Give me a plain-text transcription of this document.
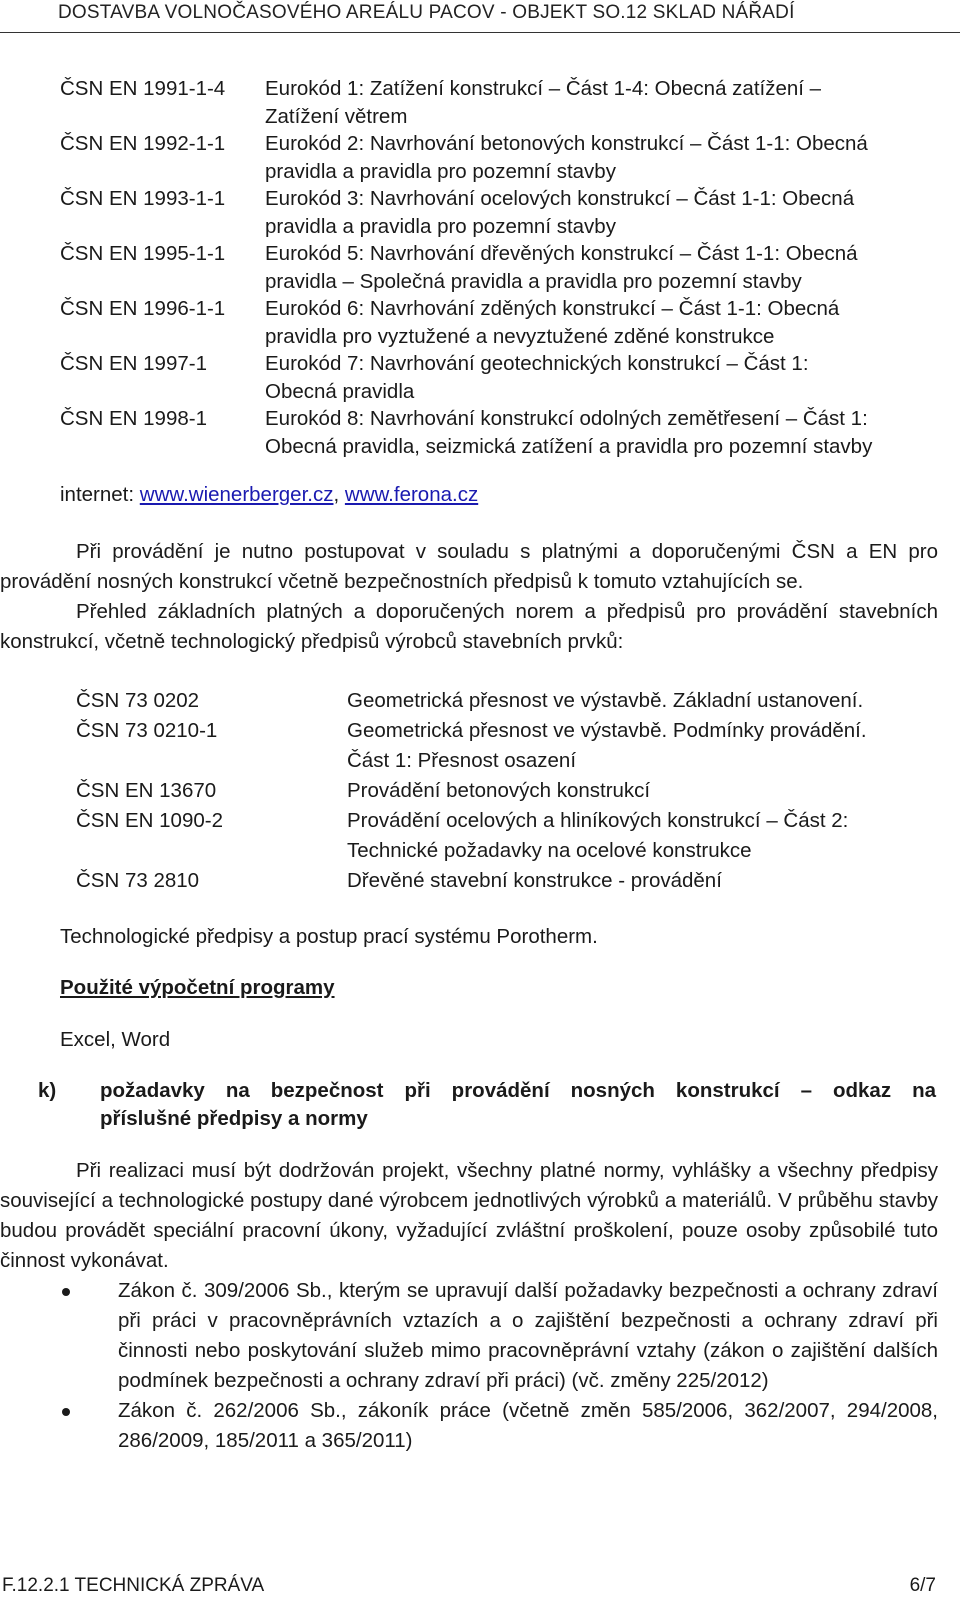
DOSTAVBA VOLNOČASOVÉHO AREÁLU PACOV - OBJEKT SO.12 SKLAD NÁŘADÍ
ČSN EN 1991-1-4	Eurokód 1: Zatížení konstrukcí – Část 1-4: Obecná zatížení –
Zatížení větrem
ČSN EN 1992-1-1	Eurokód 2: Navrhování betonových konstrukcí – Část 1-1: Obecná
pravidla a pravidla pro pozemní stavby
ČSN EN 1993-1-1	Eurokód 3: Navrhování ocelových konstrukcí – Část 1-1: Obecná
pravidla a pravidla pro pozemní stavby
ČSN EN 1995-1-1	Eurokód 5: Navrhování dřevěných konstrukcí – Část 1-1: Obecná
pravidla – Společná pravidla a pravidla pro pozemní stavby
ČSN EN 1996-1-1	Eurokód 6: Navrhování zděných konstrukcí – Část 1-1: Obecná
pravidla pro vyztužené a nevyztužené zděné konstrukce
ČSN EN 1997-1	Eurokód 7: Navrhování geotechnických konstrukcí – Část 1:
Obecná pravidla
ČSN EN 1998-1	Eurokód 8: Navrhování konstrukcí odolných zemětřesení – Část 1:
Obecná pravidla, seizmická zatížení a pravidla pro pozemní stavby
internet: www.wienerberger.cz, www.ferona.cz
Při provádění je nutno postupovat v souladu s platnými a doporučenými ČSN a EN pro provádění nosných konstrukcí včetně bezpečnostních předpisů k tomuto vztahujících se.
Přehled základních platných a doporučených norem a předpisů pro provádění stavebních konstrukcí, včetně technologický předpisů výrobců stavebních prvků:
ČSN 73 0202	Geometrická přesnost ve výstavbě. Základní ustanovení.
ČSN 73 0210-1	Geometrická přesnost ve výstavbě. Podmínky provádění.
Část 1: Přesnost osazení
ČSN EN 13670	Provádění betonových konstrukcí
ČSN EN 1090-2	Provádění ocelových a hliníkových konstrukcí – Část 2:
Technické požadavky na ocelové konstrukce
ČSN 73 2810	Dřevěné stavební konstrukce - provádění
Technologické předpisy a postup prací systému Porotherm.
Použité výpočetní programy
Excel, Word
k)	požadavky na bezpečnost při provádění nosných konstrukcí – odkaz na
příslušné předpisy a normy
Při realizaci musí být dodržován projekt, všechny platné normy, vyhlášky a všechny předpisy související a technologické postupy dané výrobcem jednotlivých výrobků a materiálů. V průběhu stavby budou provádět speciální pracovní úkony, vyžadující zvláštní proškolení, pouze osoby způsobilé tuto činnost vykonávat.
Zákon č. 309/2006 Sb., kterým se upravují další požadavky bezpečnosti a ochrany zdraví při práci v pracovněprávních vztazích a o zajištění bezpečnosti a ochrany zdraví při činnosti nebo poskytování služeb mimo pracovněprávní vztahy (zákon o zajištění dalších podmínek bezpečnosti a ochrany zdraví při práci) (vč. změny 225/2012)
Zákon č. 262/2006 Sb., zákoník práce (včetně změn 585/2006, 362/2007, 294/2008, 286/2009, 185/2011 a 365/2011)
F.12.2.1 TECHNICKÁ ZPRÁVA	6/7
